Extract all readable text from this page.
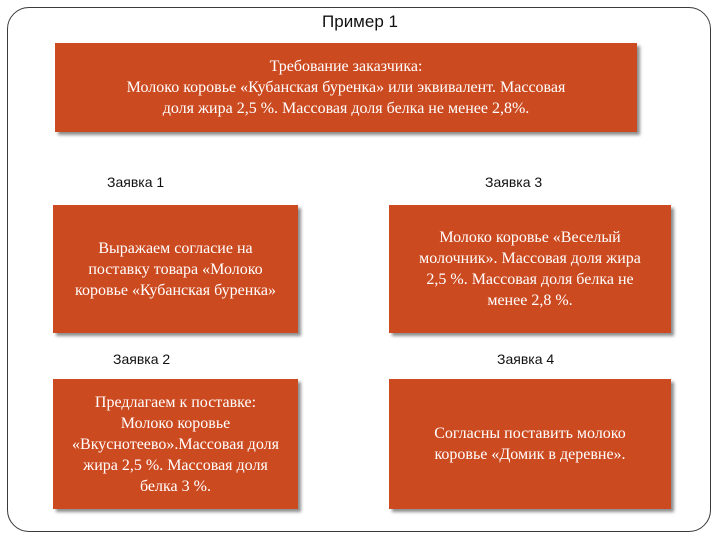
Пример 1
Требование заказчика:
Молоко коровье «Кубанская буренка» или эквивалент. Массовая
доля жира 2,5 %. Массовая доля белка не менее 2,8%.
Заявка 1
Выражаем согласие на
поставку товара «Молоко
коровье «Кубанская буренка»
Заявка 3
Молоко коровье «Веселый
молочник». Массовая доля жира
2,5 %. Массовая доля белка не
менее 2,8 %.
Заявка 2
Предлагаем к поставке:
Молоко коровье
«Вкуснотеево».Массовая доля
жира 2,5 %. Массовая доля
белка 3 %.
Заявка 4
Согласны поставить молоко
коровье «Домик в деревне».
